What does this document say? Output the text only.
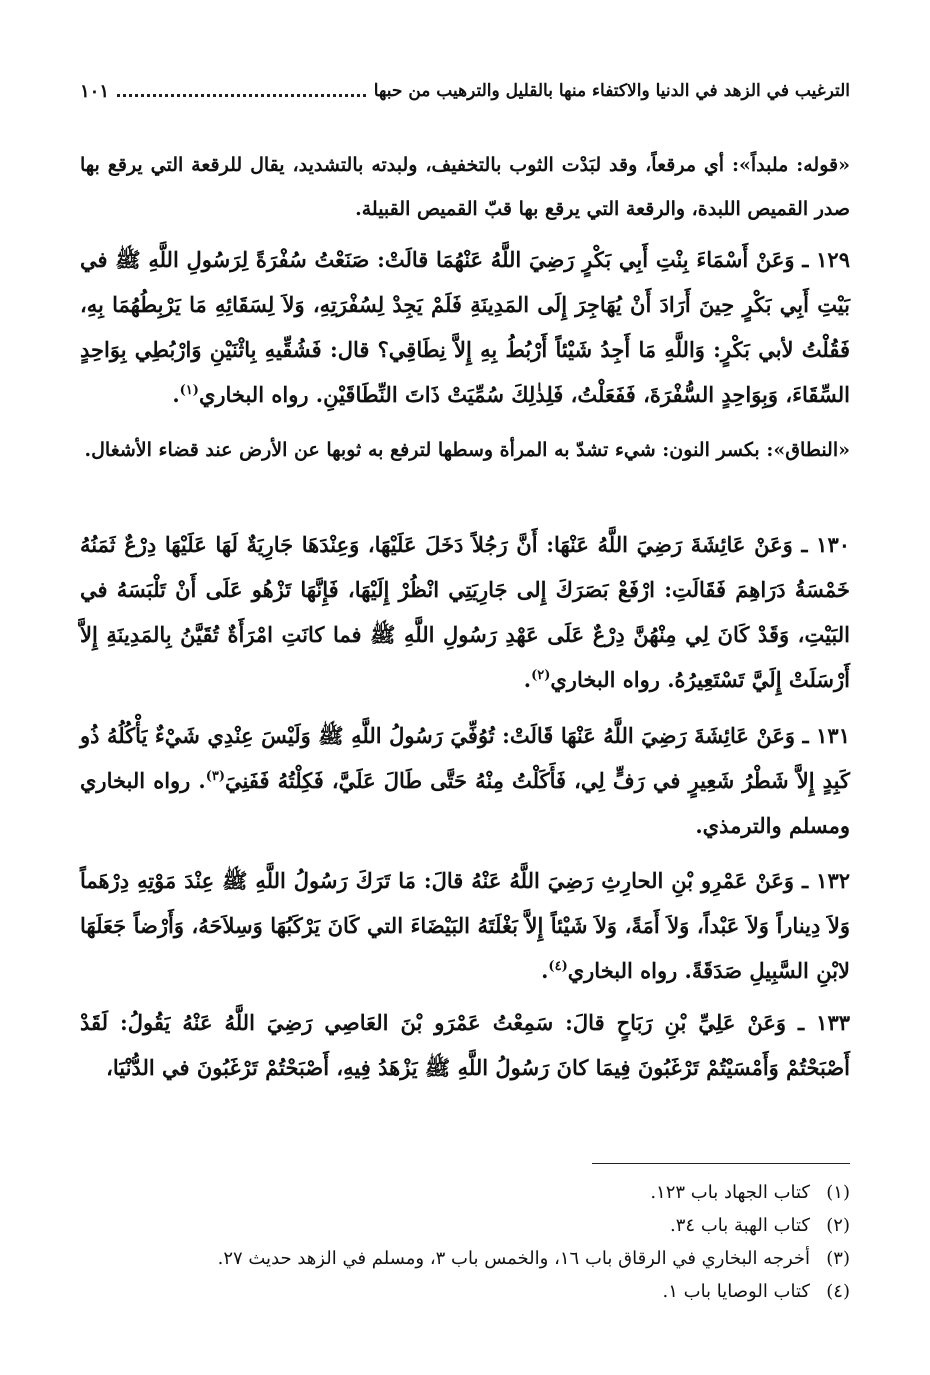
الترغيب في الزهد في الدنيا والاكتفاء منها بالقليل والترهيب من حبها
١٠١

«قوله: ملبداً»: أي مرقعاً، وقد لبَدْت الثوب بالتخفيف، ولبدته بالتشديد، يقال للرقعة التي يرقع بها صدر القميص اللبدة، والرقعة التي يرقع بها قبّ القميص القبيلة.

١٢٩ ـ وَعَنْ أَسْمَاءَ بِنْتِ أَبِي بَكْرٍ رَضِيَ اللَّهُ عَنْهُمَا قالَتْ: صَنَعْتُ سُفْرَةً لِرَسُولِ اللَّهِ ﷺ في بَيْتِ أَبِي بَكْرٍ حِينَ أَرَادَ أَنْ يُهَاجِرَ إِلَى المَدِينَةِ فَلَمْ يَجِدْ لِسُفْرَتِهِ، وَلاَ لِسَقَائِهِ مَا يَرْبِطُهُمَا بِهِ، فَقُلْتُ لأبي بَكْرٍ: وَاللَّهِ مَا أَجِدُ شَيْئاً أَرْبُطُ بِهِ إِلاَّ نِطَاقِي؟ قال: فَشُقِّيهِ بِاثْنَيْنِ وَارْبُطِي بِوَاحِدٍ السِّقَاءَ، وَبِوَاحِدٍ السُّفْرَةَ، فَفَعَلْتُ، فَلِذٰلِكَ سُمِّيَتْ ذَاتَ النِّطَاقَيْنِ. رواه البخاري$^{(١)}$.

«النطاق»: بكسر النون: شيء تشدّ به المرأة وسطها لترفع به ثوبها عن الأرض عند قضاء الأشغال.

١٣٠ ـ وَعَنْ عَائِشَةَ رَضِيَ اللَّهُ عَنْهَا: أَنَّ رَجُلاً دَخَلَ عَلَيْهَا، وَعِنْدَهَا جَارِيَةٌ لَهَا عَلَيْهَا دِرْعٌ ثَمَنُهُ خَمْسَةُ دَرَاهِمَ فَقَالَتِ: ارْفَعْ بَصَرَكَ إِلى جَارِيَتِي انْظُرْ إِلَيْهَا، فَإِنَّهَا تَزْهُو عَلَى أَنْ تَلْبَسَهُ في البَيْتِ، وَقَدْ كَانَ لِي مِنْهُنَّ دِرْعٌ عَلَى عَهْدِ رَسُولِ اللَّهِ ﷺ فما كانَتِ امْرَأَةٌ تُقَيَّنُ بِالمَدِينَةِ إِلاَّ أَرْسَلَتْ إِلَيَّ تَسْتَعِيرُهُ. رواه البخاري$^{(٢)}$.

١٣١ ـ وَعَنْ عَائِشَةَ رَضِيَ اللَّهُ عَنْهَا قَالَتْ: تُوُفِّيَ رَسُولُ اللَّهِ ﷺ وَلَيْسَ عِنْدِي شَيْءٌ يَأْكُلُهُ ذُو كَبِدٍ إِلاَّ شَطْرُ شَعِيرٍ في رَفٍّ لِي، فَأَكَلْتُ مِنْهُ حَتَّى طَالَ عَلَيَّ، فَكِلْتُهُ فَفَنِيَ$^{(٣)}$. رواه البخاري ومسلم والترمذي.

١٣٢ ـ وَعَنْ عَمْرِو بْنِ الحارِثِ رَضِيَ اللَّهُ عَنْهُ قالَ: مَا تَرَكَ رَسُولُ اللَّهِ ﷺ عِنْدَ مَوْتِهِ دِرْهَماً وَلاَ دِيناراً وَلاَ عَبْداً، وَلاَ أَمَةً، وَلاَ شَيْئاً إِلاَّ بَغْلَتَهُ البَيْضَاءَ التي كَانَ يَرْكَبُهَا وَسِلاَحَهُ، وَأَرْضاً جَعَلَهَا لابْنِ السَّبِيلِ صَدَقَةً. رواه البخاري$^{(٤)}$.

١٣٣ ـ وَعَنْ عَلِيِّ بْنِ رَبَاحٍ قالَ: سَمِعْتُ عَمْرَو بْنَ العَاصِي رَضِيَ اللَّهُ عَنْهُ يَقُولُ: لَقَدْ أَصْبَحْتُمْ وَأَمْسَيْتُمْ تَرْغَبُونَ فِيمَا كانَ رَسُولُ اللَّهِ ﷺ يَزْهَدُ فِيهِ، أَصْبَحْتُمْ تَرْغَبُونَ في الدُّنْيَا،

(١)
كتاب الجهاد باب ١٢٣.
(٢)
كتاب الهبة باب ٣٤.
(٣)
أخرجه البخاري في الرقاق باب ١٦، والخمس باب ٣، ومسلم في الزهد حديث ٢٧.
(٤)
كتاب الوصايا باب ١.
